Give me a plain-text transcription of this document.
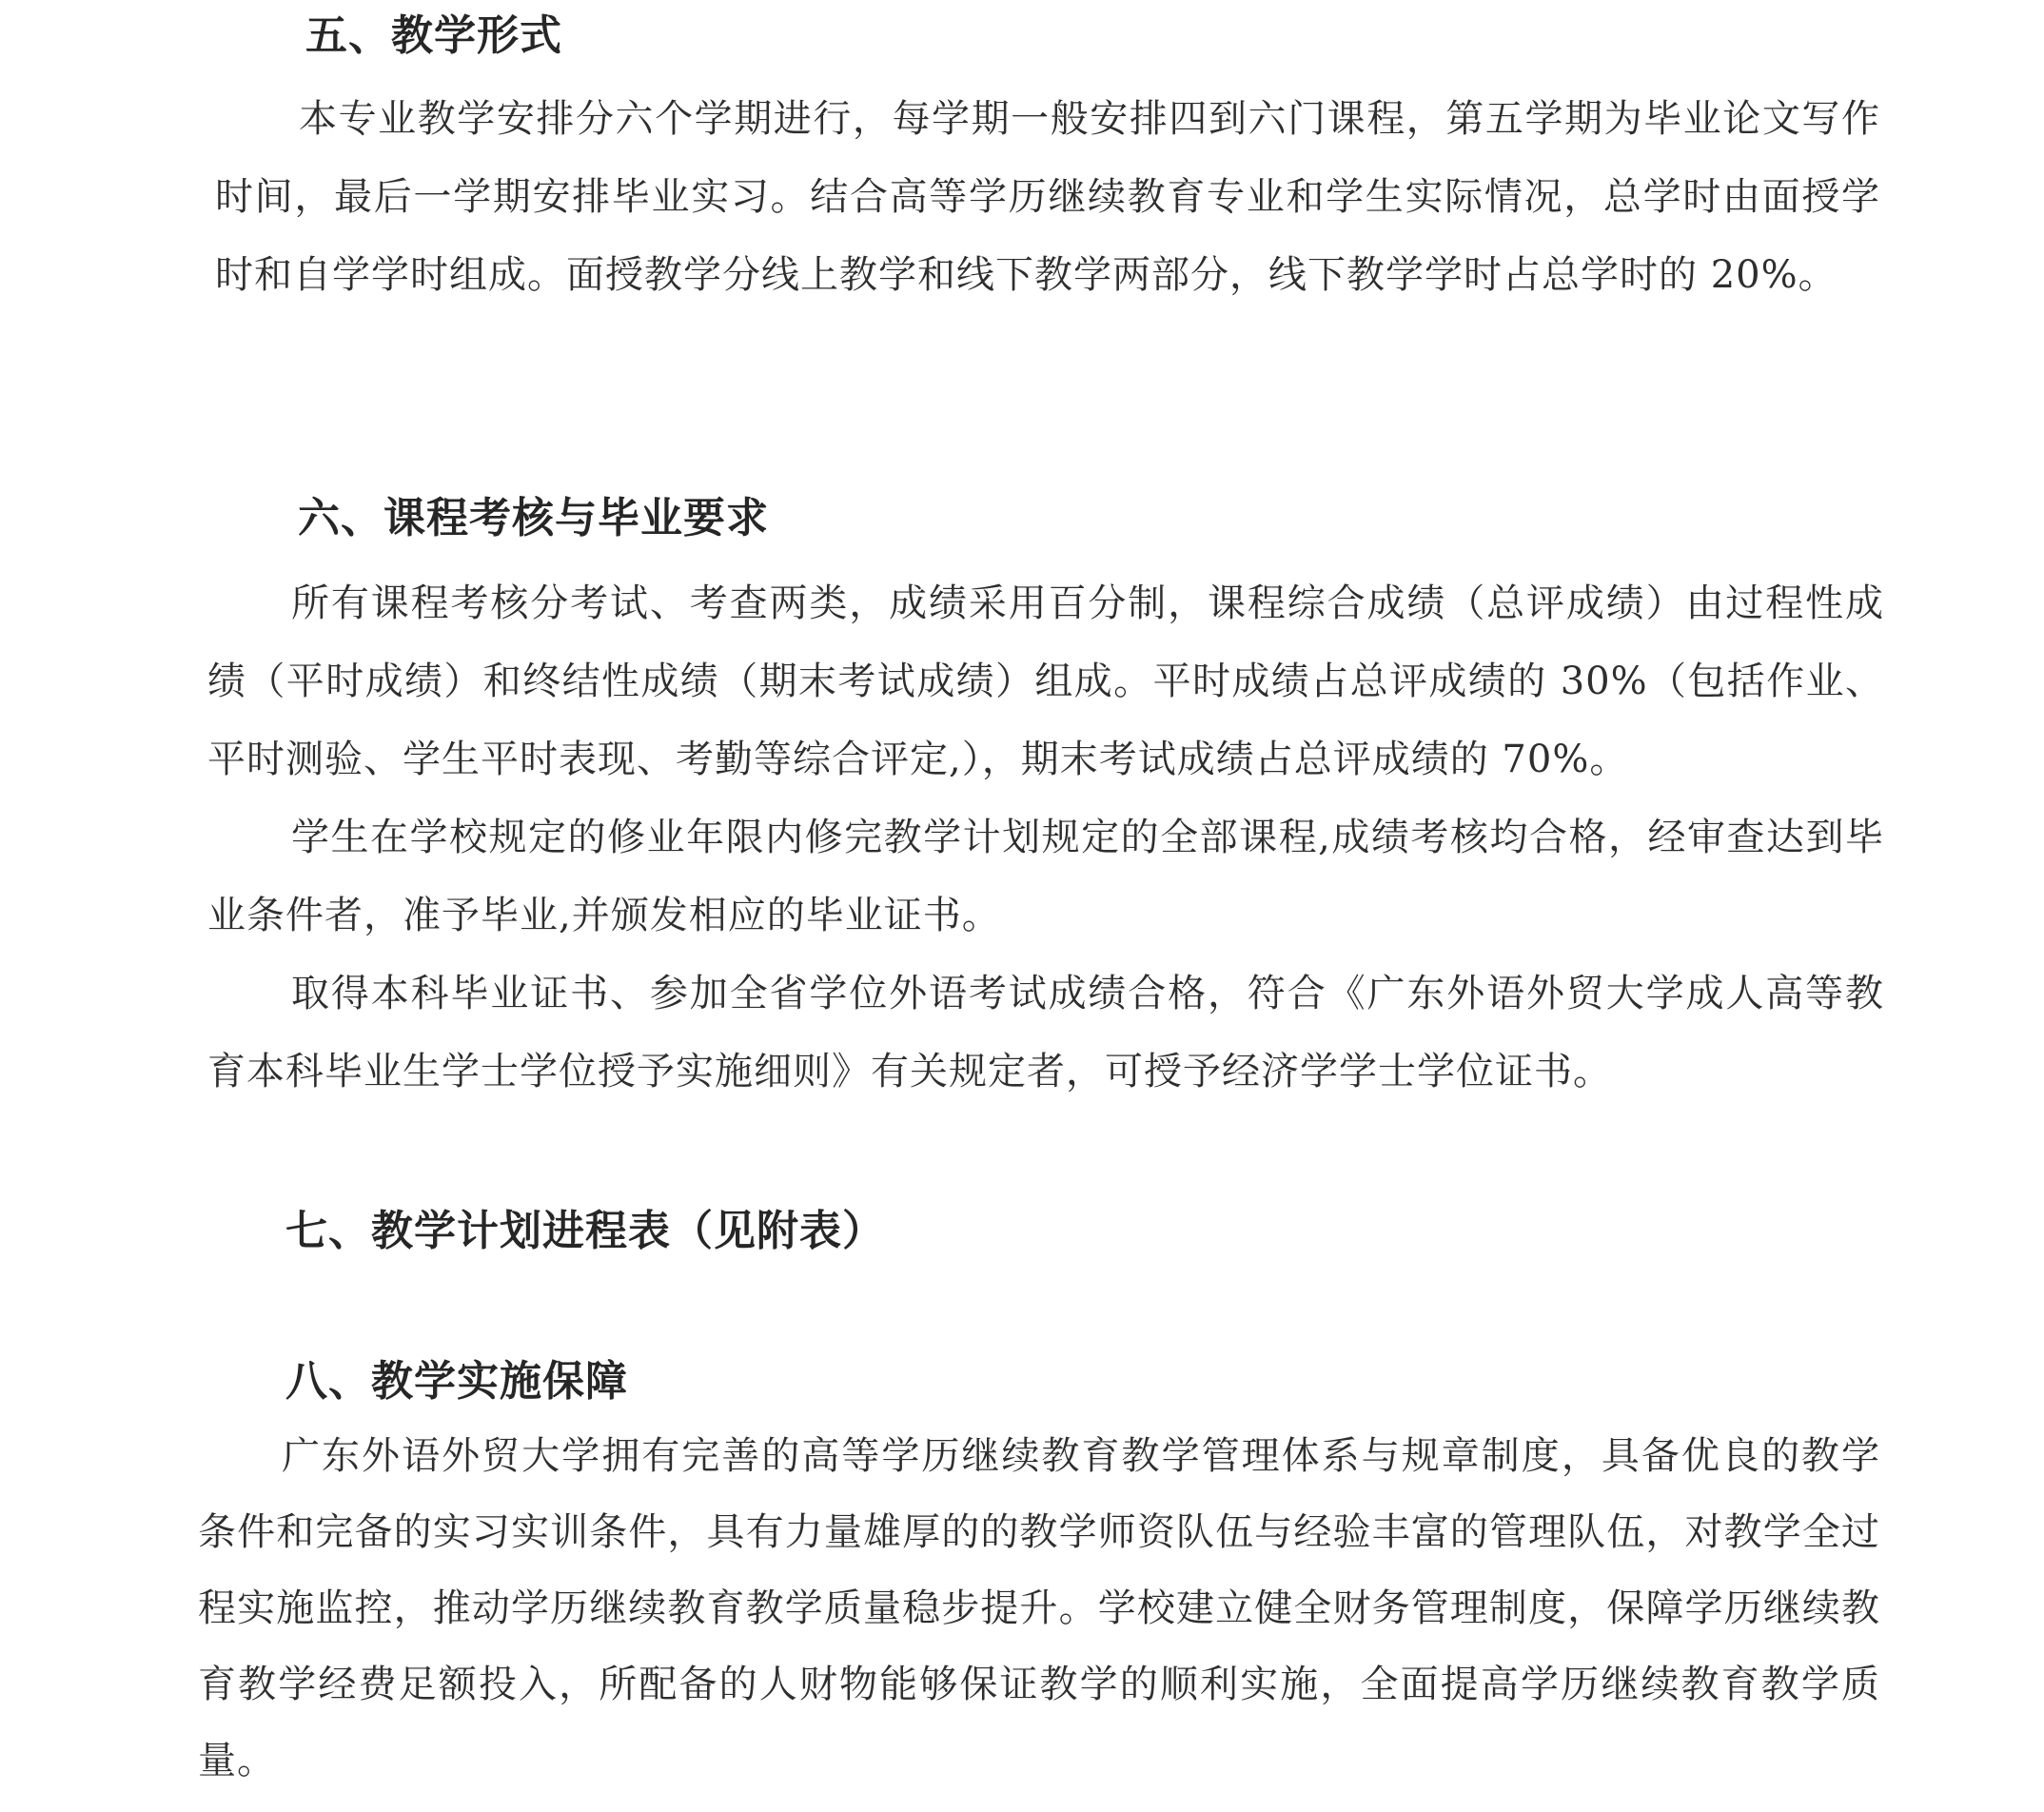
五、教学形式

本专业教学安排分六个学期进行，每学期一般安排四到六门课程，第五学期为毕业论文写作时间，最后一学期安排毕业实习。结合高等学历继续教育专业和学生实际情况，总学时由面授学时和自学学时组成。面授教学分线上教学和线下教学两部分，线下教学学时占总学时的 20%。

六、课程考核与毕业要求

所有课程考核分考试、考查两类，成绩采用百分制，课程综合成绩（总评成绩）由过程性成绩（平时成绩）和终结性成绩（期末考试成绩）组成。平时成绩占总评成绩的 30%（包括作业、平时测验、学生平时表现、考勤等综合评定,），期末考试成绩占总评成绩的 70%。

学生在学校规定的修业年限内修完教学计划规定的全部课程,成绩考核均合格，经审查达到毕业条件者，准予毕业,并颁发相应的毕业证书。

取得本科毕业证书、参加全省学位外语考试成绩合格，符合《广东外语外贸大学成人高等教育本科毕业生学士学位授予实施细则》有关规定者，可授予经济学学士学位证书。

七、教学计划进程表（见附表）
八、教学实施保障

广东外语外贸大学拥有完善的高等学历继续教育教学管理体系与规章制度，具备优良的教学条件和完备的实习实训条件，具有力量雄厚的的教学师资队伍与经验丰富的管理队伍，对教学全过程实施监控，推动学历继续教育教学质量稳步提升。学校建立健全财务管理制度，保障学历继续教育教学经费足额投入，所配备的人财物能够保证教学的顺利实施，全面提高学历继续教育教学质量。
